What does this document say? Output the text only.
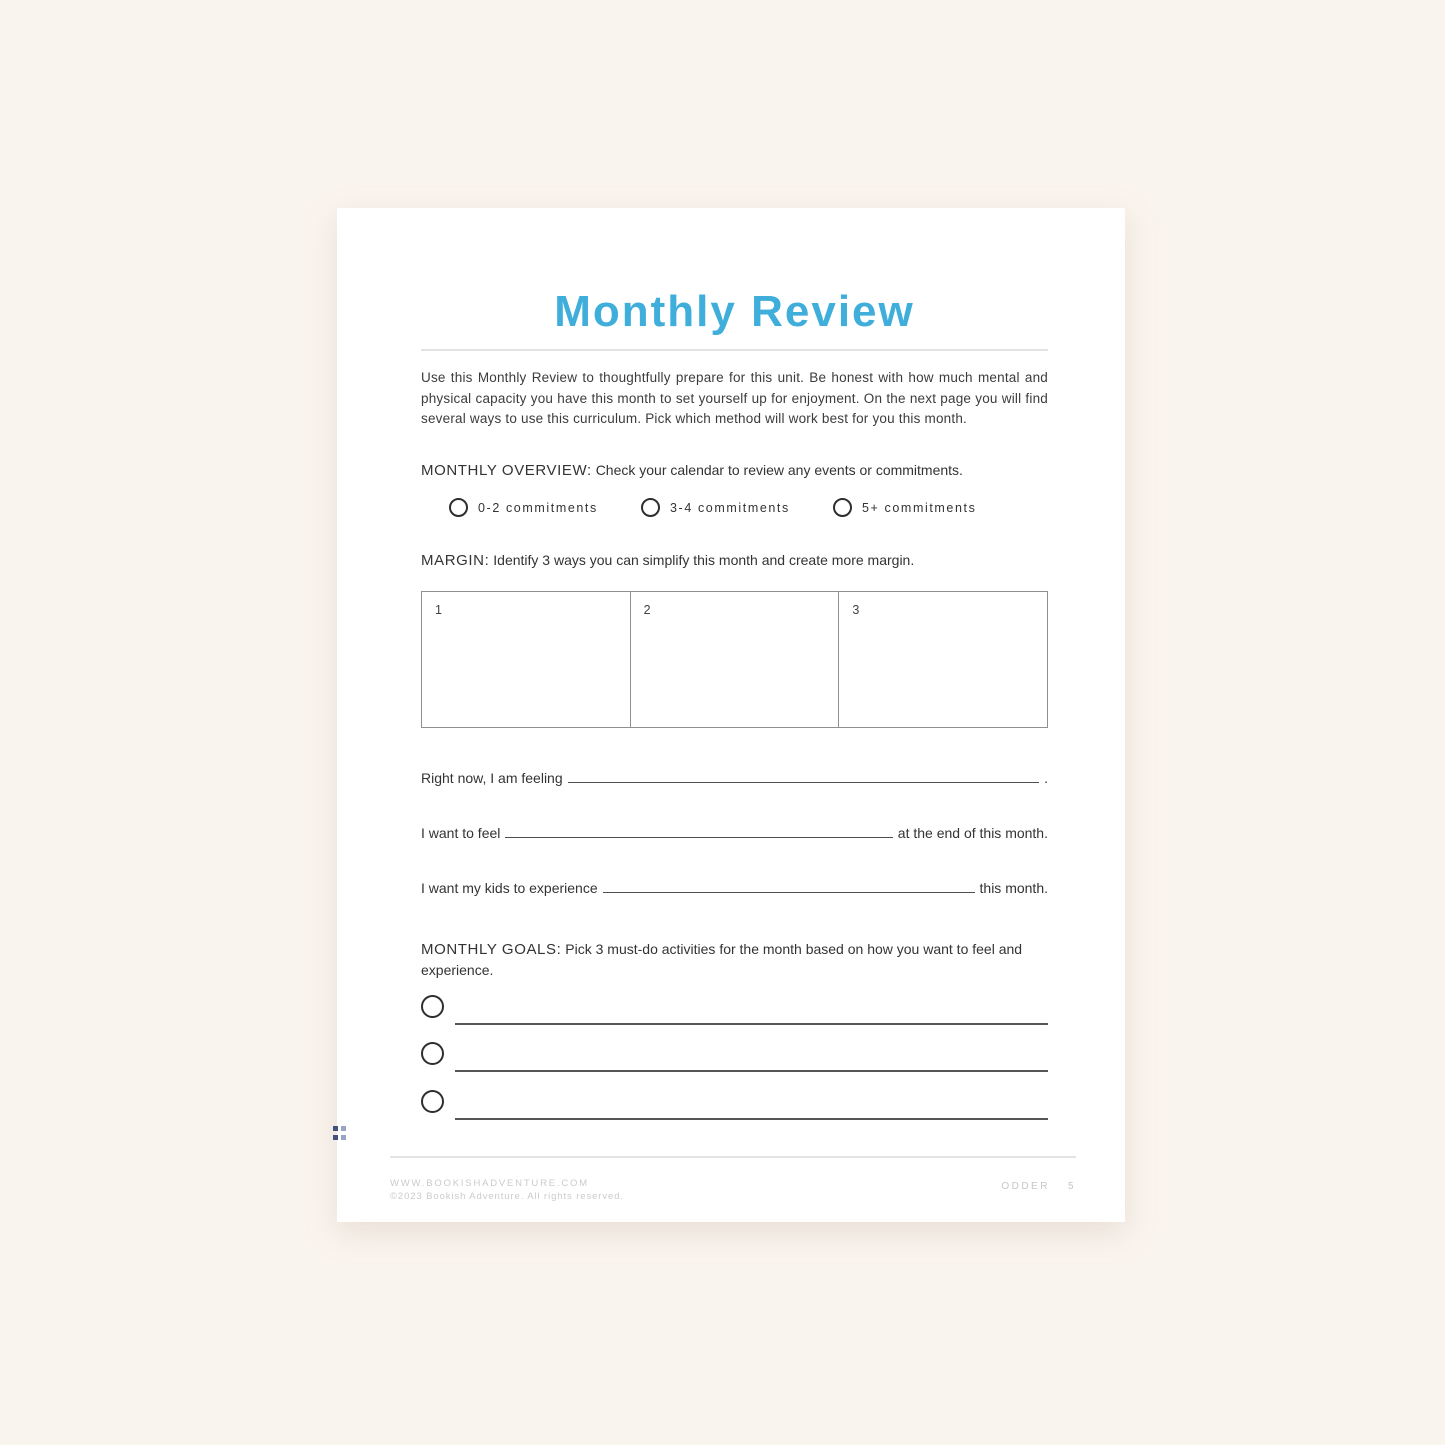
Monthly Review
Use this Monthly Review to thoughtfully prepare for this unit. Be honest with how much mental and physical capacity you have this month to set yourself up for enjoyment. On the next page you will find several ways to use this curriculum. Pick which method will work best for you this month.
MONTHLY OVERVIEW: Check your calendar to review any events or commitments.
0-2 commitments	3-4 commitments	5+ commitments
MARGIN: Identify 3 ways you can simplify this month and create more margin.
1	2	3
Right now, I am feeling	.
I want to feel	at the end of this month.
I want my kids to experience	this month.
MONTHLY GOALS: Pick 3 must-do activities for the month based on how you want to feel and experience.
WWW.BOOKISHADVENTURE.COM
©2023 Bookish Adventure. All rights reserved.
ODDER 5
